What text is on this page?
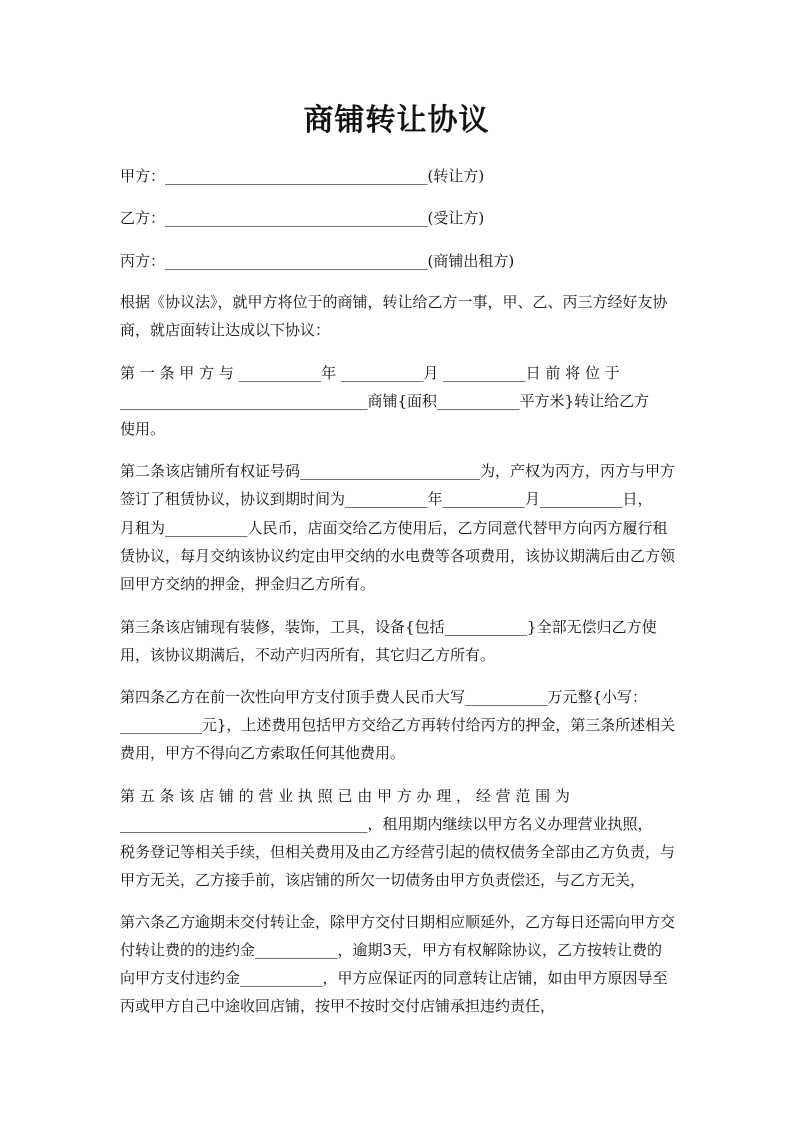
商铺转让协议
甲方：___________________________________(转让方)
乙方：___________________________________(受让方)
丙方：___________________________________(商铺出租方)
根据《协议法》，就甲方将位于的商铺，转让给乙方一事，甲、乙、丙三方经好友协
商，就店面转让达成以下协议：
第 一 条 甲 方 与 ___________年 ___________月 ___________日 前 将 位 于
_________________________________商铺{面积___________平方米}转让给乙方
使用。
第二条该店铺所有权证号码________________________为，产权为丙方，丙方与甲方
签订了租赁协议，协议到期时间为___________年___________月___________日，
月租为___________人民币，店面交给乙方使用后，乙方同意代替甲方向丙方履行租
赁协议，每月交纳该协议约定由甲交纳的水电费等各项费用，该协议期满后由乙方领
回甲方交纳的押金，押金归乙方所有。
第三条该店铺现有装修，装饰，工具，设备{包括___________}全部无偿归乙方使
用，该协议期满后，不动产归丙所有，其它归乙方所有。
第四条乙方在前一次性向甲方支付顶手费人民币大写___________万元整{小写：
___________元}，上述费用包括甲方交给乙方再转付给丙方的押金，第三条所述相关
费用，甲方不得向乙方索取任何其他费用。
第 五 条 该 店 铺 的 营 业 执 照 已 由 甲 方 办 理 ， 经 营 范 围 为
_________________________________，租用期内继续以甲方名义办理营业执照，
税务登记等相关手续，但相关费用及由乙方经营引起的债权债务全部由乙方负责，与
甲方无关，乙方接手前，该店铺的所欠一切债务由甲方负责偿还，与乙方无关，
第六条乙方逾期未交付转让金，除甲方交付日期相应顺延外，乙方每日还需向甲方交
付转让费的的违约金___________，逾期3天，甲方有权解除协议，乙方按转让费的
向甲方支付违约金___________，甲方应保证丙的同意转让店铺，如由甲方原因导至
丙或甲方自己中途收回店铺，按甲不按时交付店铺承担违约责任，
